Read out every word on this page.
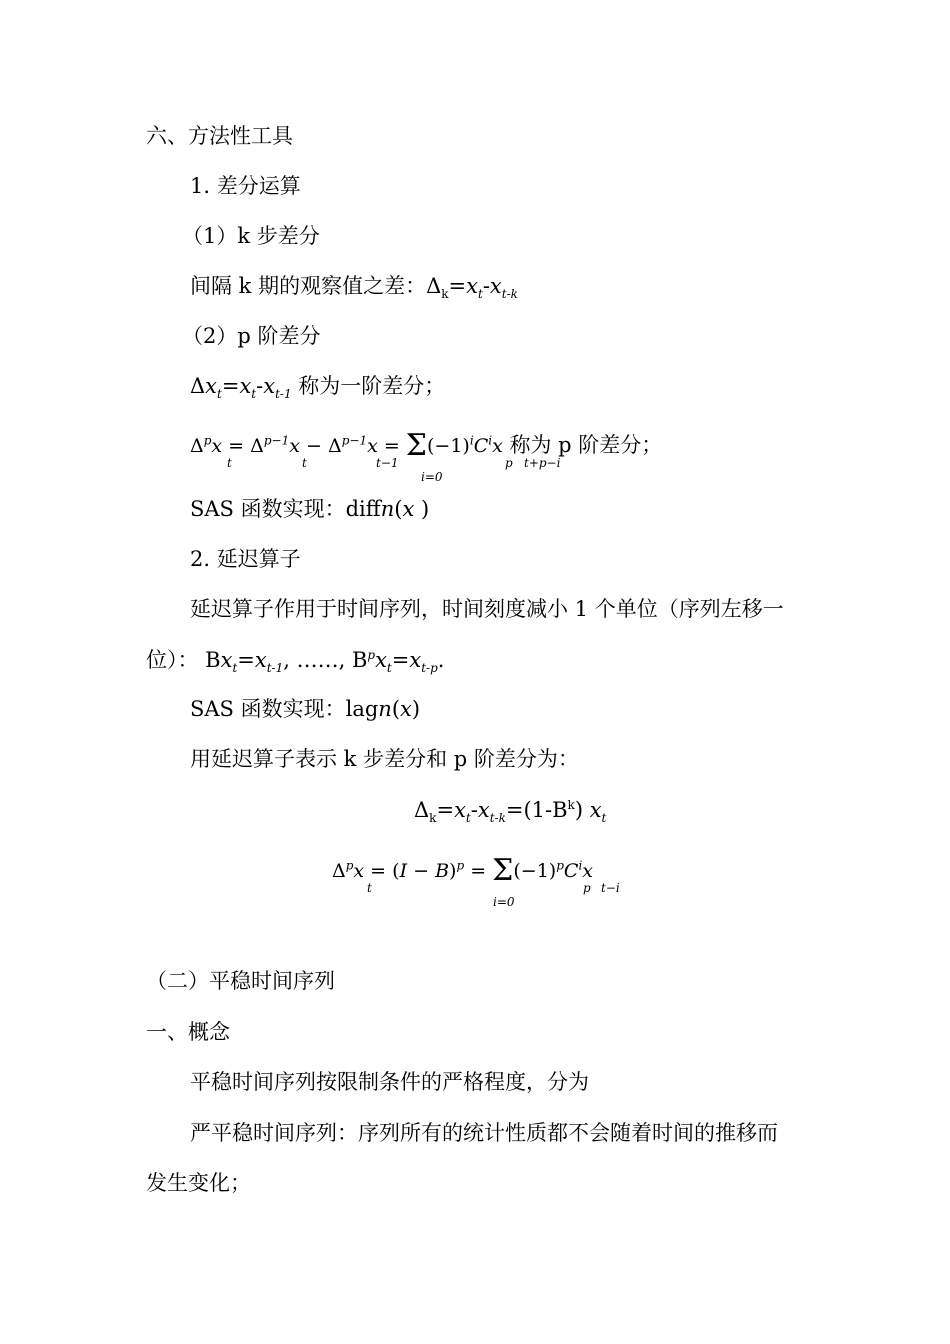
六、方法性工具
1. 差分运算
（1）k 步差分
间隔 k 期的观察值之差：$\Delta_k=x_t-x_{t-k}$
（2）p 阶差分
$\Delta x_t=x_t-x_{t-1}$ 称为一阶差分；
$\Delta^px = \Delta^{p-1}x - \Delta^{p-1}x = \Sigma(-1)^iC^ix$ 称为 p 阶差分；
t	t	t−1
i=0
p t+p−i
SAS 函数实现：diffn(x )
2. 延迟算子
延迟算子作用于时间序列，时间刻度减小 1 个单位（序列左移一
位）： $Bx_t=x_{t-1}$, ……, $B^px_t=x_{t-p}$.
SAS 函数实现：lagn(x)
用延迟算子表示 k 步差分和 p 阶差分为：
$\Delta_k=x_t-x_{t-k}=(1-B^k)$ $x_t$
$\Delta^px = (I - B)^p = \Sigma(-1)^pC^ix$
t
i=0
p t−i
（二）平稳时间序列
一、概念
平稳时间序列按限制条件的严格程度，分为
严平稳时间序列：序列所有的统计性质都不会随着时间的推移而
发生变化；
